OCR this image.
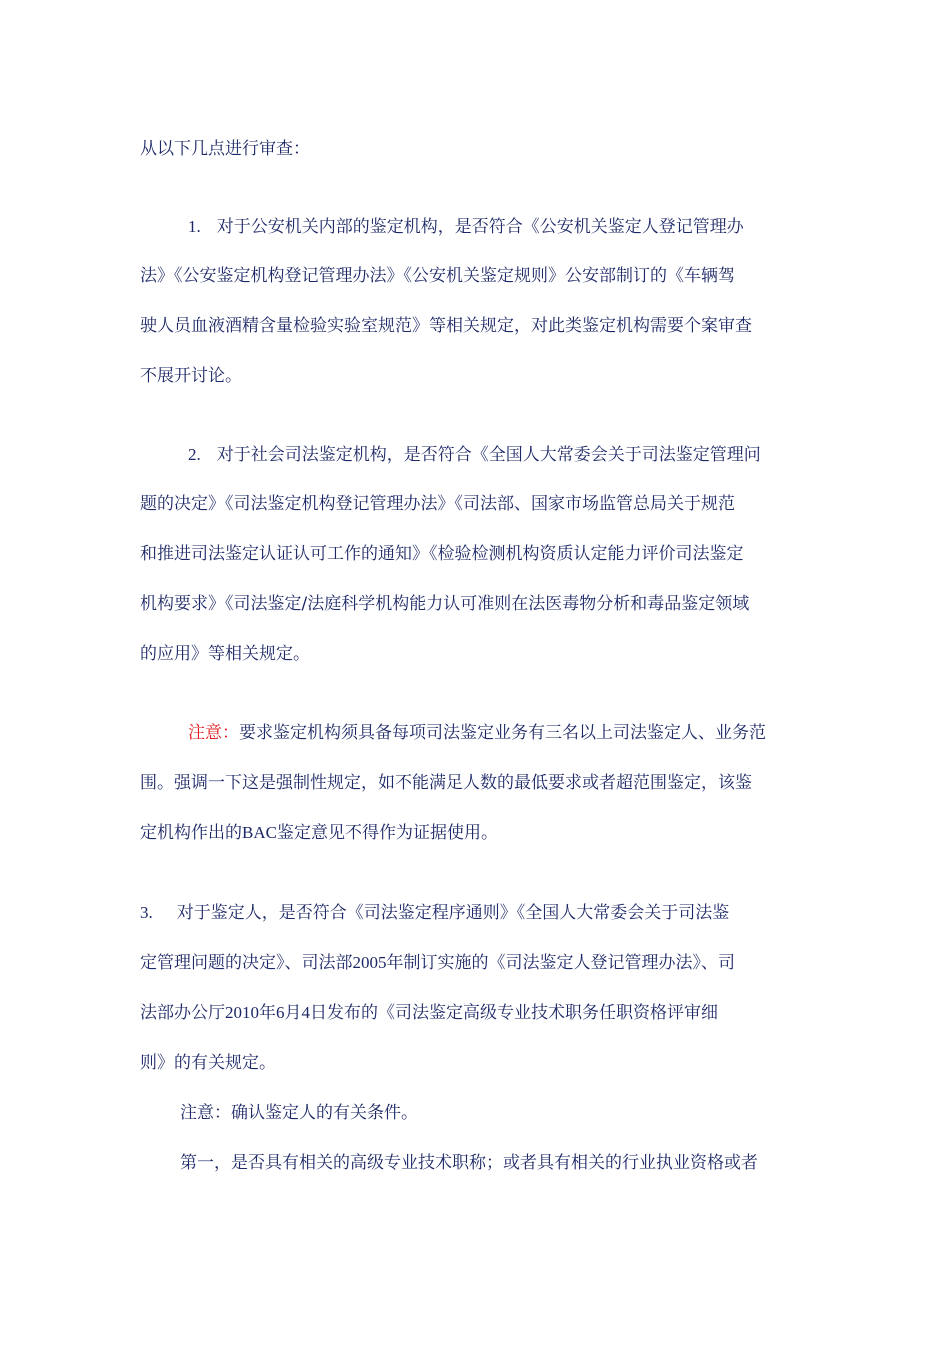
从以下几点进行审查：
1. 对于公安机关内部的鉴定机构，是否符合《公安机关鉴定人登记管理办
法》《公安鉴定机构登记管理办法》《公安机关鉴定规则》公安部制订的《车辆驾
驶人员血液酒精含量检验实验室规范》等相关规定，对此类鉴定机构需要个案审查
不展开讨论。
2. 对于社会司法鉴定机构，是否符合《全国人大常委会关于司法鉴定管理问
题的决定》《司法鉴定机构登记管理办法》《司法部、国家市场监管总局关于规范
和推进司法鉴定认证认可工作的通知》《检验检测机构资质认定能力评价司法鉴定
机构要求》《司法鉴定/法庭科学机构能力认可准则在法医毒物分析和毒品鉴定领域
的应用》等相关规定。
注意：要求鉴定机构须具备每项司法鉴定业务有三名以上司法鉴定人、业务范
围。强调一下这是强制性规定，如不能满足人数的最低要求或者超范围鉴定，该鉴
定机构作出的BAC鉴定意见不得作为证据使用。
3. 对于鉴定人，是否符合《司法鉴定程序通则》《全国人大常委会关于司法鉴
定管理问题的决定》、司法部2005年制订实施的《司法鉴定人登记管理办法》、司
法部办公厅2010年6月4日发布的《司法鉴定高级专业技术职务任职资格评审细
则》的有关规定。
注意：确认鉴定人的有关条件。
第一，是否具有相关的高级专业技术职称；或者具有相关的行业执业资格或者
